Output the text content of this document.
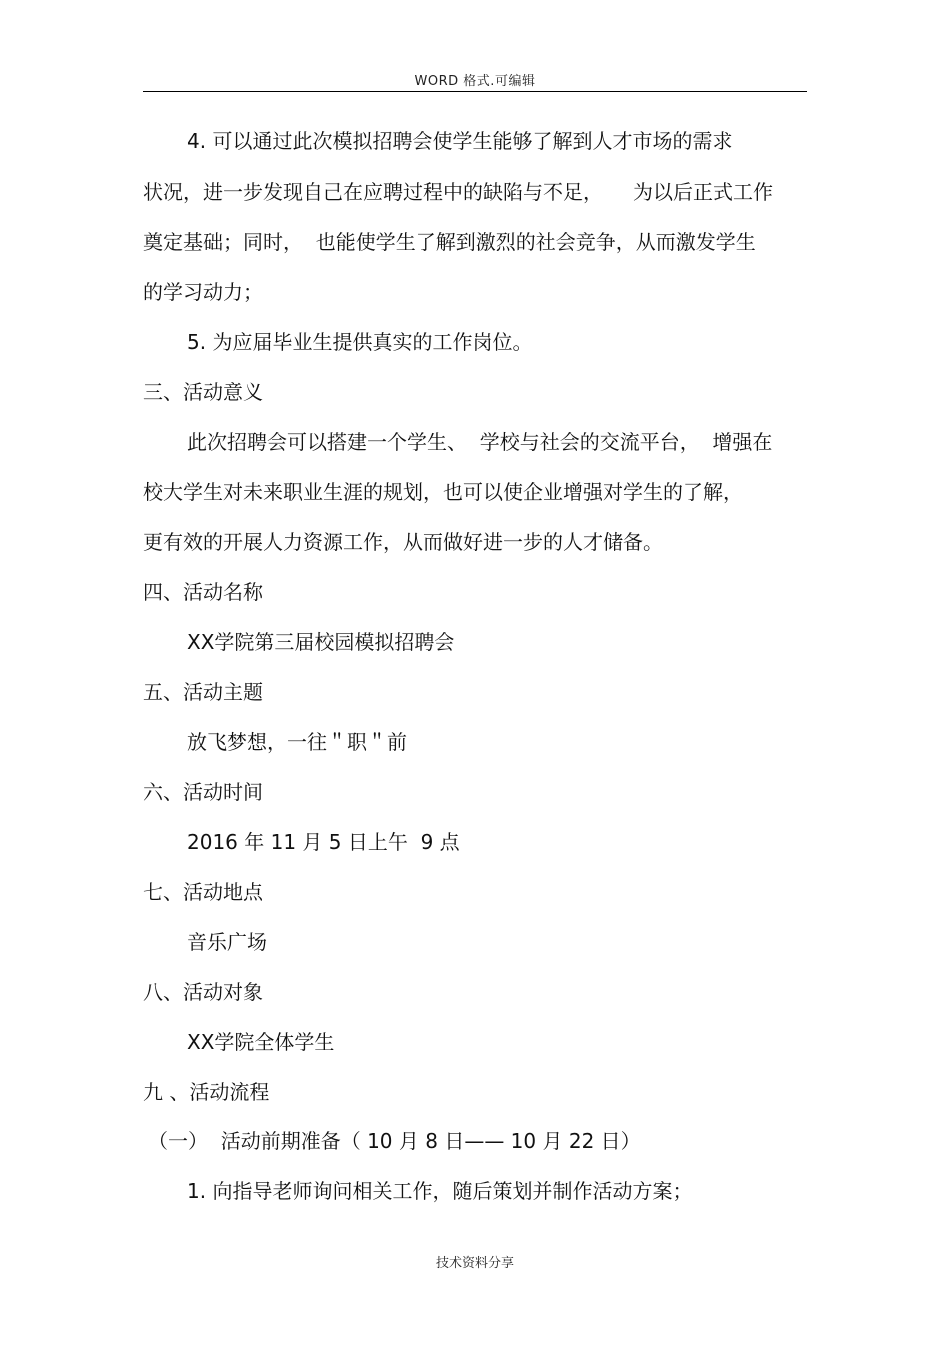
WORD 格式.可编辑
4. 可以通过此次模拟招聘会使学生能够了解到人才市场的需求
状况，进一步发现自己在应聘过程中的缺陷与不足，　　为以后正式工作
奠定基础；同时，  也能使学生了解到激烈的社会竞争，从而激发学生
的学习动力；
5. 为应届毕业生提供真实的工作岗位。
三、活动意义
此次招聘会可以搭建一个学生、  学校与社会的交流平台，  增强在
校大学生对未来职业生涯的规划，也可以使企业增强对学生的了解，
更有效的开展人力资源工作，从而做好进一步的人才储备。
四、活动名称
XX学院第三届校园模拟招聘会
五、活动主题
放飞梦想，一往＂职＂前
六、活动时间
2016 年 11 月 5 日上午  9 点
七、活动地点
音乐广场
八、活动对象
XX学院全体学生
九 、活动流程
（一）  活动前期准备（ 10 月 8 日—— 10 月 22 日）
1. 向指导老师询问相关工作，随后策划并制作活动方案；
技术资料分享
